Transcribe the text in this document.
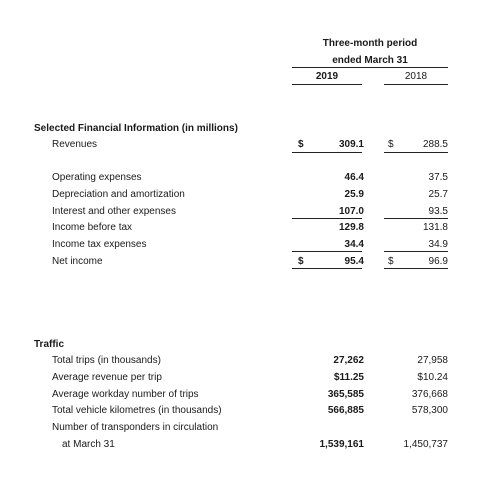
Three-month period
ended March 31
2019	2018
Selected Financial Information (in millions)
Revenues	$	309.1 $	288.5
Operating expenses	46.4	37.5
Depreciation and amortization	25.9	25.7
Interest and other expenses	107.0	93.5
Income before tax	129.8	131.8
Income tax expenses	34.4	34.9
Net income	$	95.4 $	96.9
Traffic
Total trips (in thousands)	27,262	27,958
Average revenue per trip	$11.25	$10.24
Average workday number of trips	365,585	376,668
Total vehicle kilometres (in thousands)	566,885	578,300
Number of transponders in circulation
at March 31	1,539,161	1,450,737
